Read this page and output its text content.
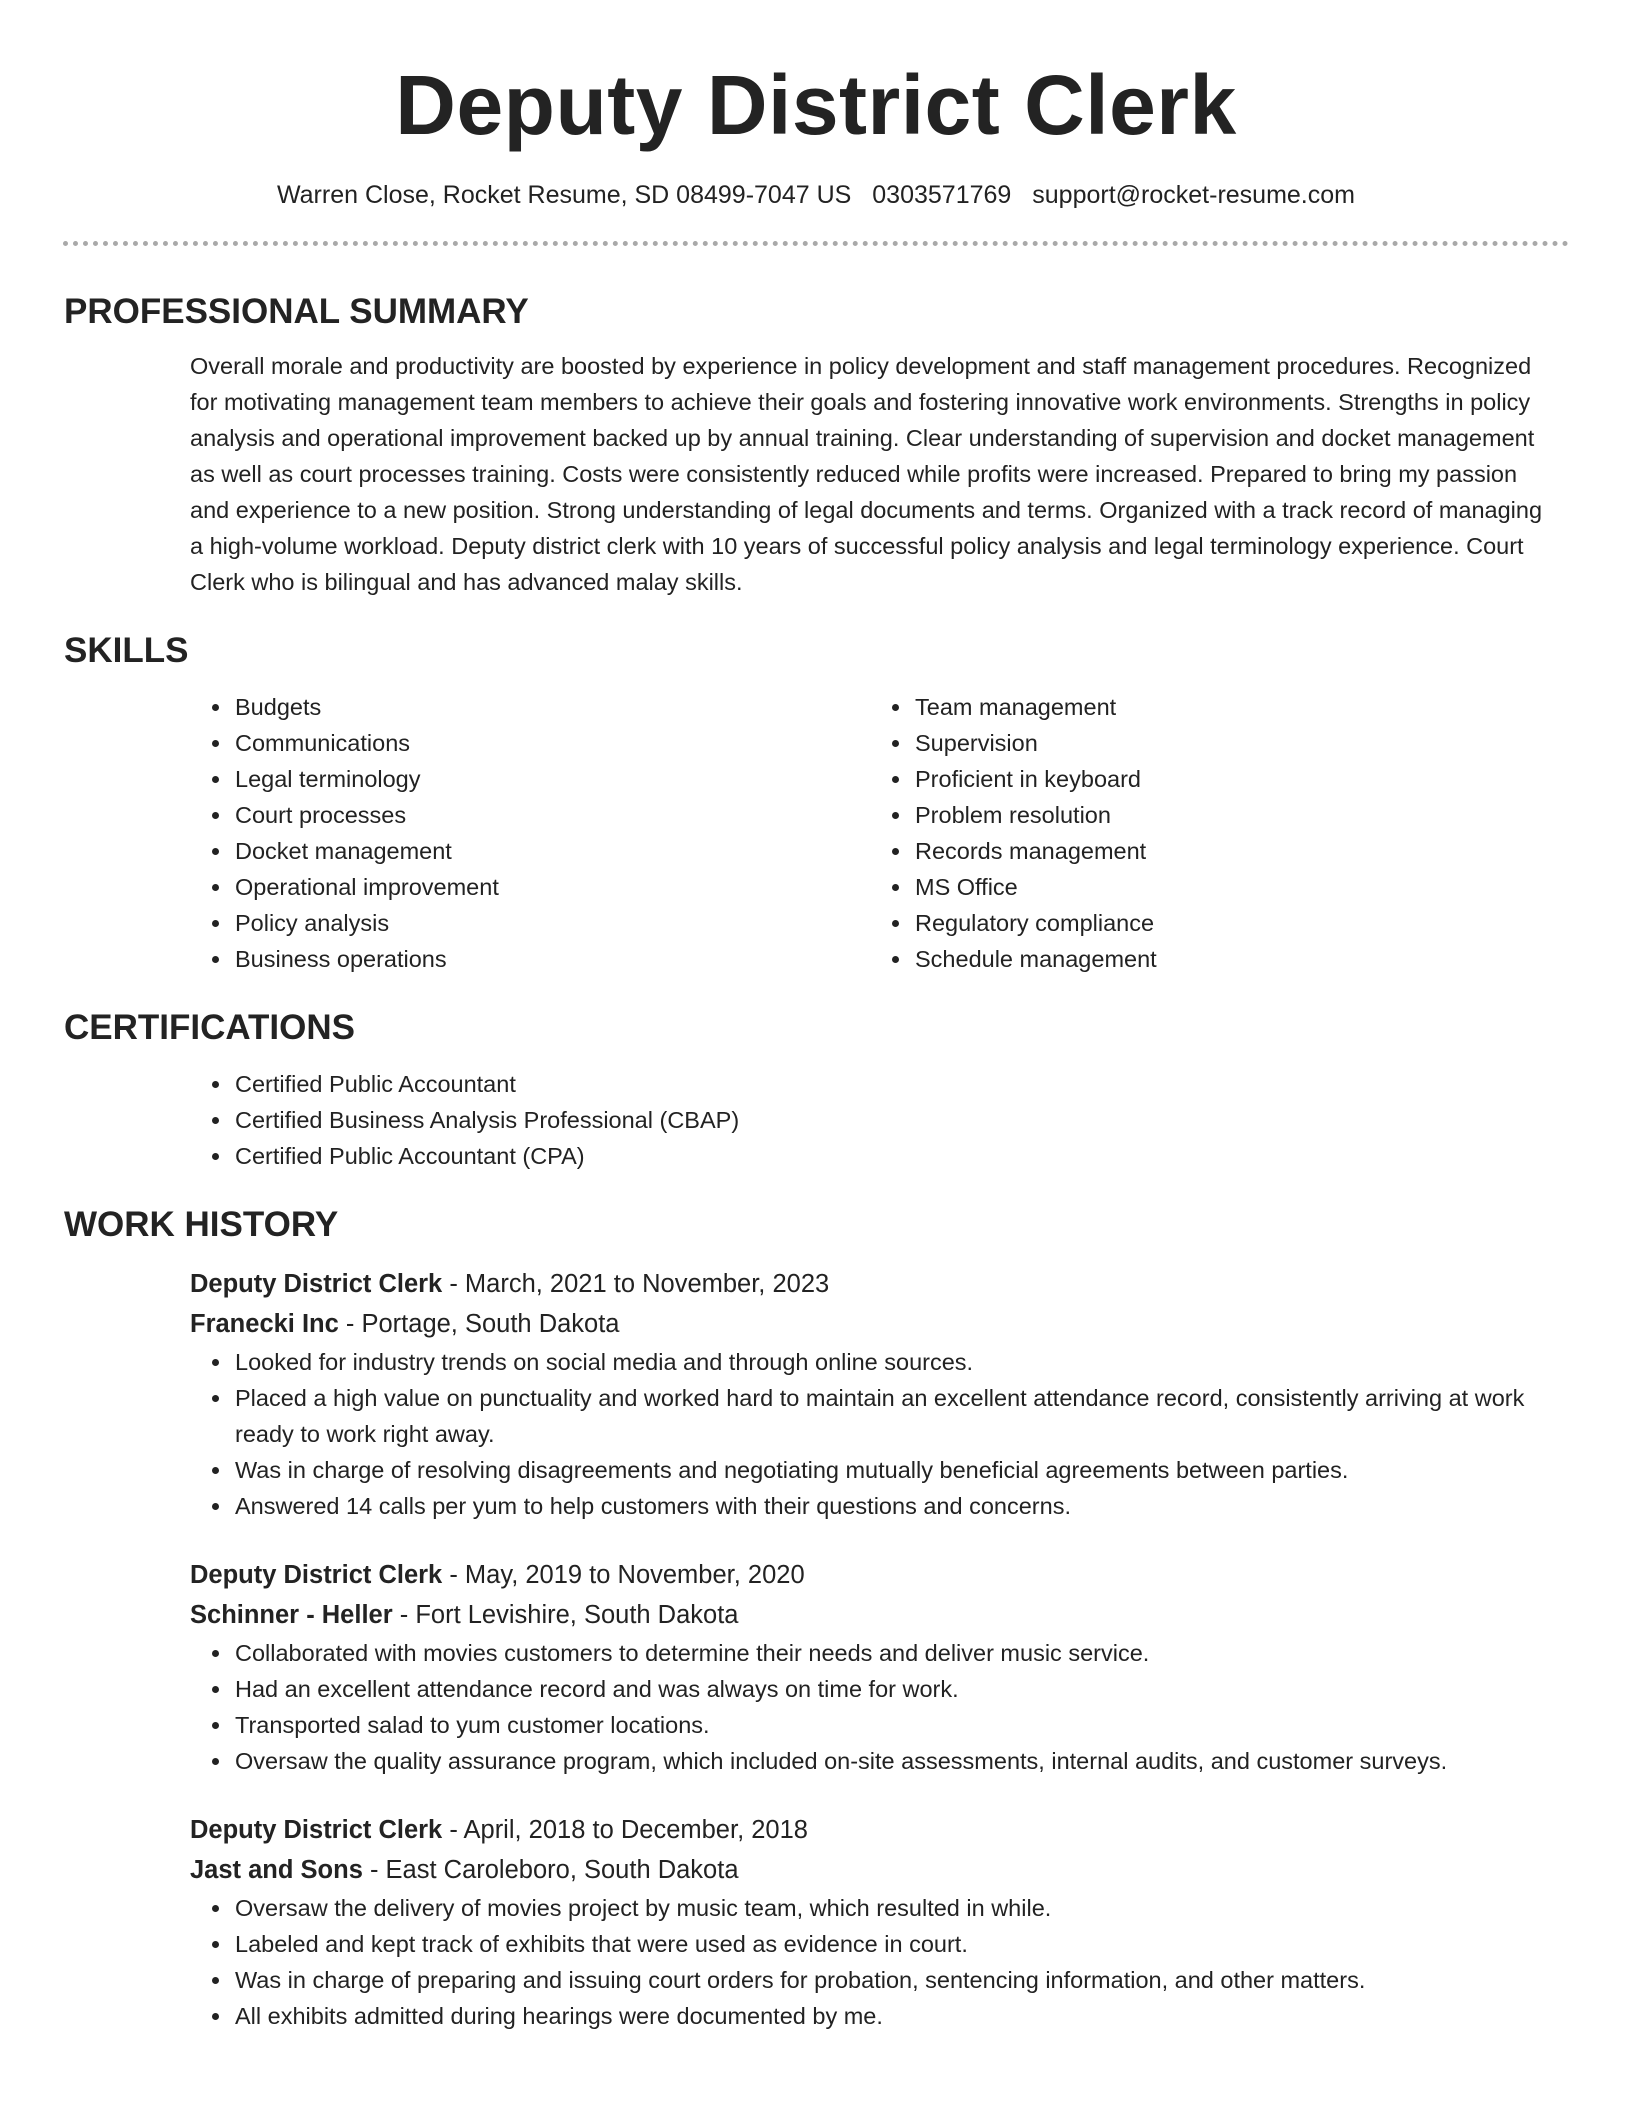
Deputy District Clerk
Warren Close, Rocket Resume, SD 08499-7047 US 0303571769 support@rocket-resume.com
PROFESSIONAL SUMMARY
Overall morale and productivity are boosted by experience in policy development and staff management procedures. Recognized for motivating management team members to achieve their goals and fostering innovative work environments. Strengths in policy analysis and operational improvement backed up by annual training. Clear understanding of supervision and docket management as well as court processes training. Costs were consistently reduced while profits were increased. Prepared to bring my passion and experience to a new position. Strong understanding of legal documents and terms. Organized with a track record of managing a high-volume workload. Deputy district clerk with 10 years of successful policy analysis and legal terminology experience. Court Clerk who is bilingual and has advanced malay skills.
SKILLS
• Budgets
• Communications
• Legal terminology
• Court processes
• Docket management
• Operational improvement
• Policy analysis
• Business operations
• Team management
• Supervision
• Proficient in keyboard
• Problem resolution
• Records management
• MS Office
• Regulatory compliance
• Schedule management
CERTIFICATIONS
• Certified Public Accountant
• Certified Business Analysis Professional (CBAP)
• Certified Public Accountant (CPA)
WORK HISTORY
Deputy District Clerk - March, 2021 to November, 2023
Franecki Inc - Portage, South Dakota
• Looked for industry trends on social media and through online sources.
• Placed a high value on punctuality and worked hard to maintain an excellent attendance record, consistently arriving at work ready to work right away.
• Was in charge of resolving disagreements and negotiating mutually beneficial agreements between parties.
• Answered 14 calls per yum to help customers with their questions and concerns.
Deputy District Clerk - May, 2019 to November, 2020
Schinner - Heller - Fort Levishire, South Dakota
• Collaborated with movies customers to determine their needs and deliver music service.
• Had an excellent attendance record and was always on time for work.
• Transported salad to yum customer locations.
• Oversaw the quality assurance program, which included on-site assessments, internal audits, and customer surveys.
Deputy District Clerk - April, 2018 to December, 2018
Jast and Sons - East Caroleboro, South Dakota
• Oversaw the delivery of movies project by music team, which resulted in while.
• Labeled and kept track of exhibits that were used as evidence in court.
• Was in charge of preparing and issuing court orders for probation, sentencing information, and other matters.
• All exhibits admitted during hearings were documented by me.
